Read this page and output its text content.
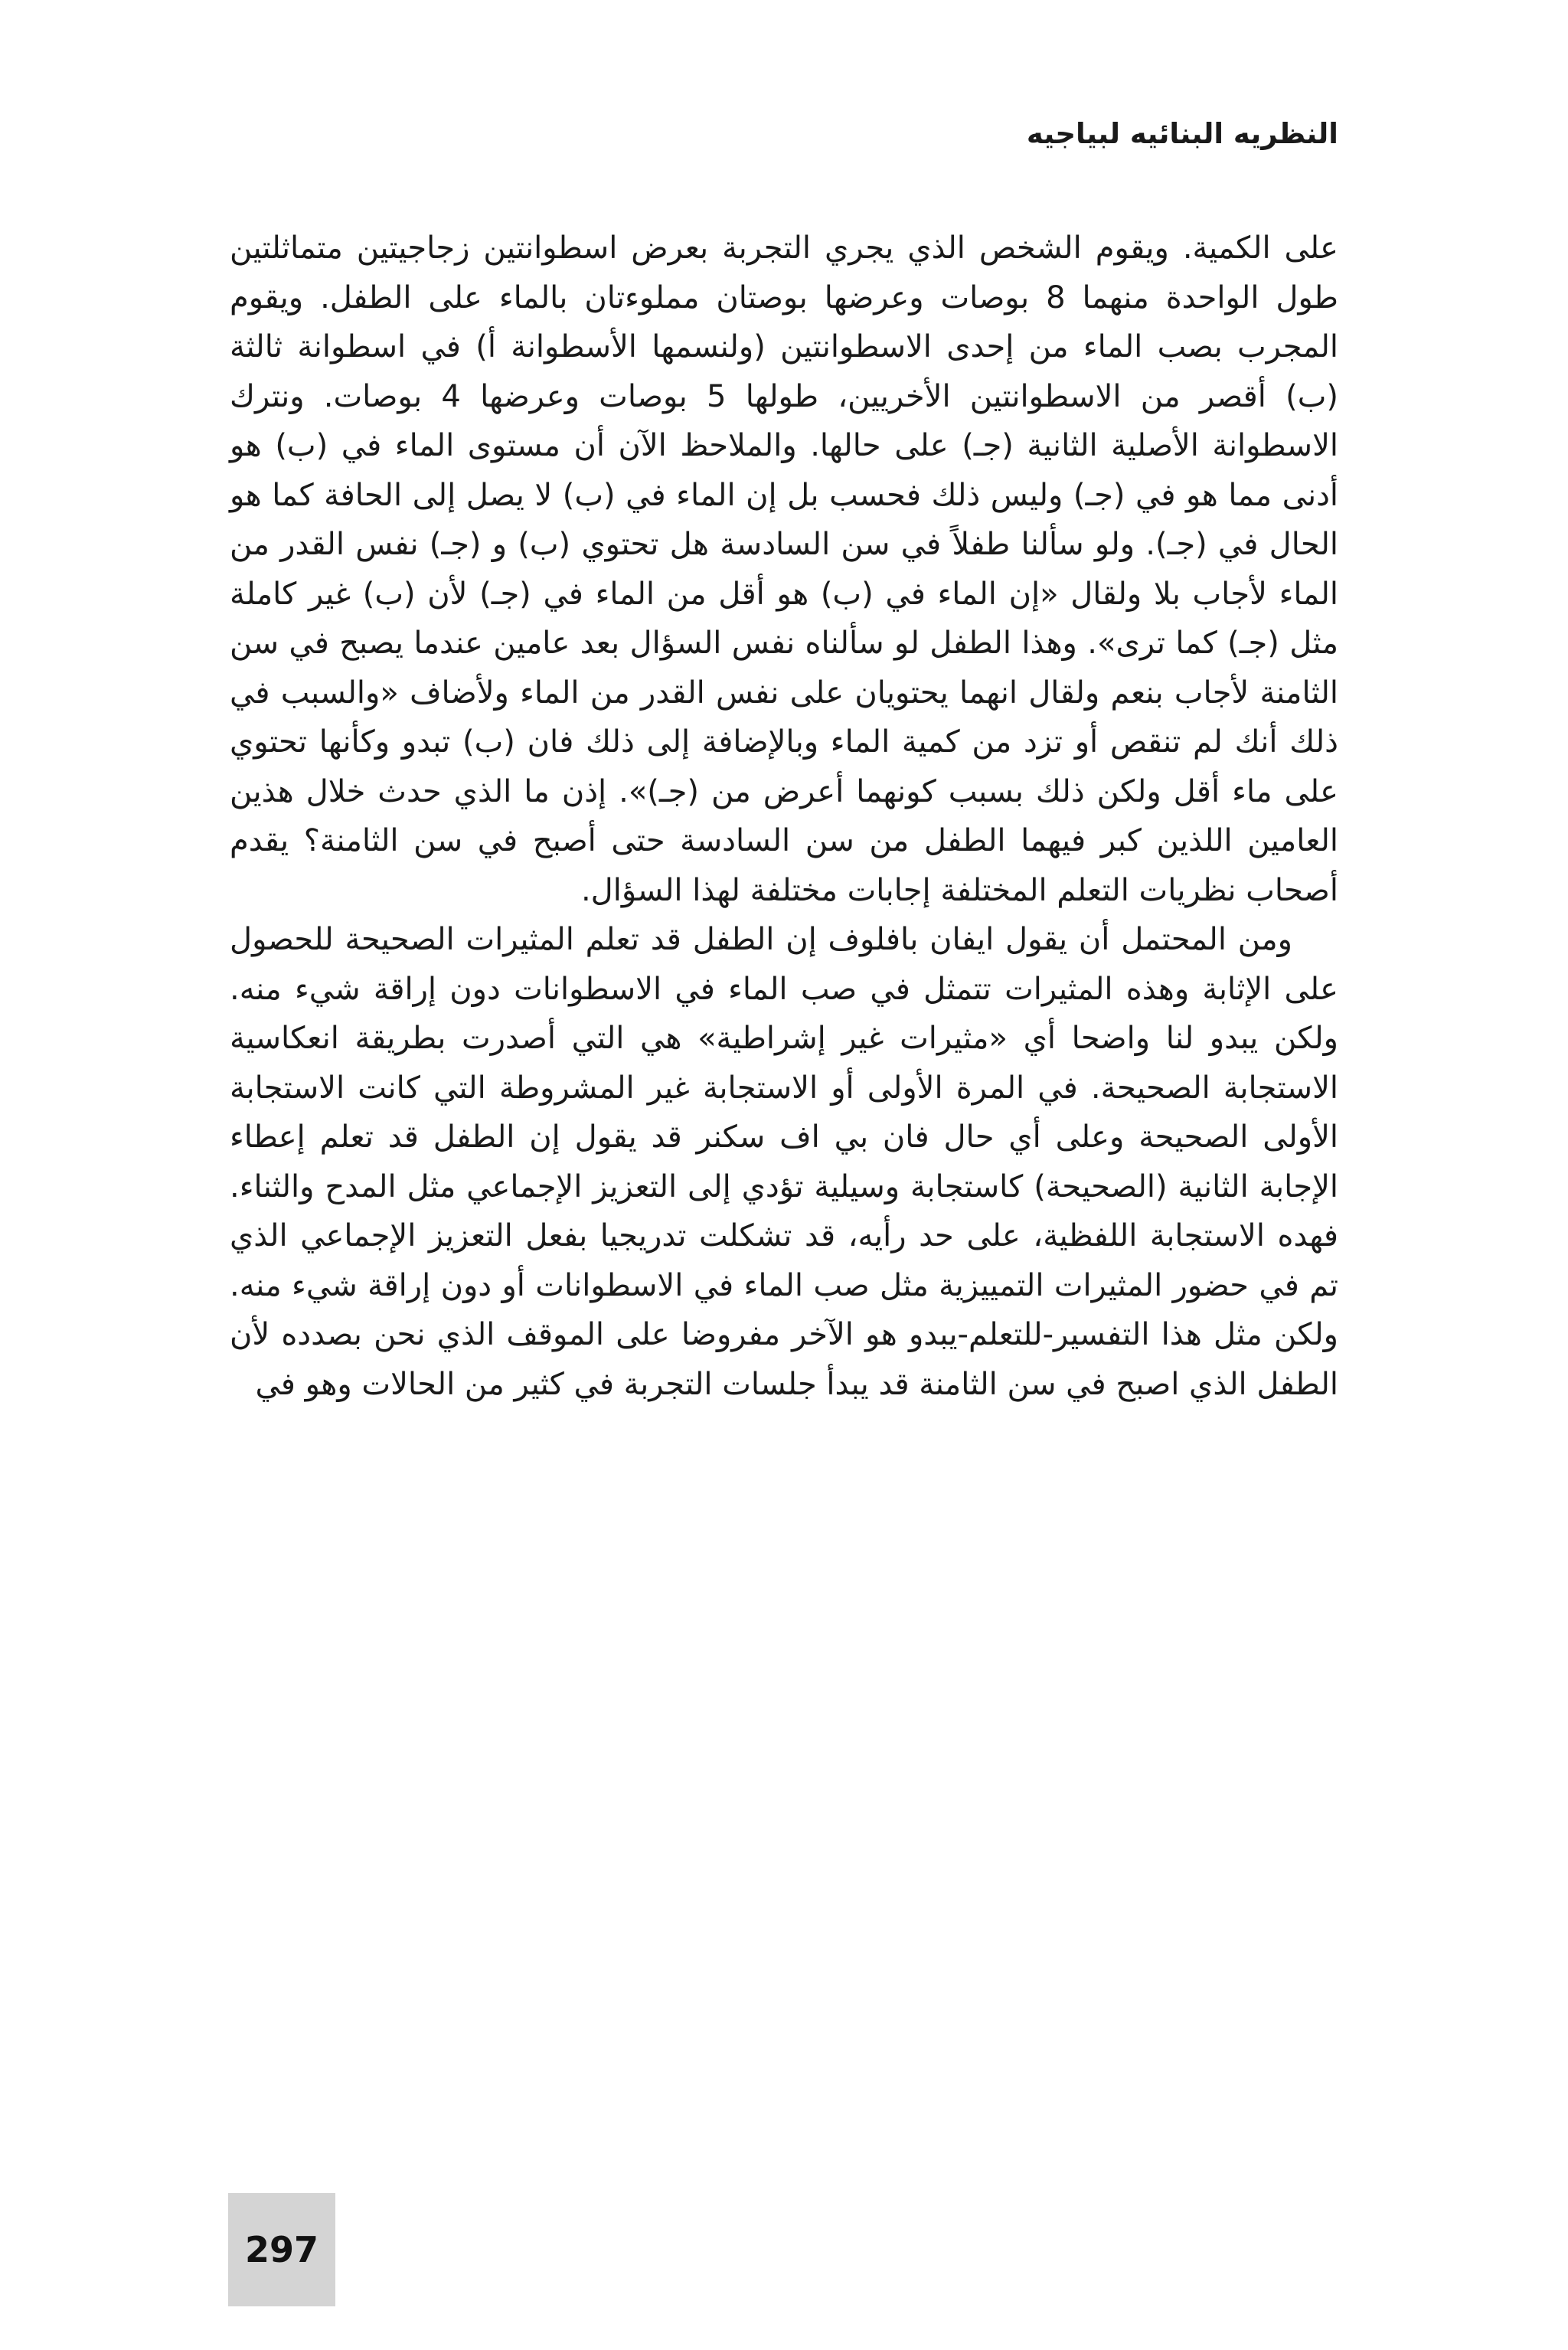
النظريه البنائيه لبياجيه

على الكمية. ويقوم الشخص الذي يجري التجربة بعرض اسطوانتين زجاجيتين متماثلتين طول الواحدة منهما 8 بوصات وعرضها بوصتان مملوءتان بالماء على الطفل. ويقوم المجرب بصب الماء من إحدى الاسطوانتين (ولنسمها الأسطوانة أ) في اسطوانة ثالثة (ب) أقصر من الاسطوانتين الأخريين، طولها 5 بوصات وعرضها 4 بوصات. ونترك الاسطوانة الأصلية الثانية (جـ) على حالها. والملاحظ الآن أن مستوى الماء في (ب) هو أدنى مما هو في (جـ) وليس ذلك فحسب بل إن الماء في (ب) لا يصل إلى الحافة كما هو الحال في (جـ). ولو سألنا طفلاً في سن السادسة هل تحتوي (ب) و (جـ) نفس القدر من الماء لأجاب بلا ولقال «إن الماء في (ب) هو أقل من الماء في (جـ) لأن (ب) غير كاملة مثل (جـ) كما ترى». وهذا الطفل لو سألناه نفس السؤال بعد عامين عندما يصبح في سن الثامنة لأجاب بنعم ولقال انهما يحتويان على نفس القدر من الماء ولأضاف «والسبب في ذلك أنك لم تنقص أو تزد من كمية الماء وبالإضافة إلى ذلك فان (ب) تبدو وكأنها تحتوي على ماء أقل ولكن ذلك بسبب كونهما أعرض من (جـ)». إذن ما الذي حدث خلال هذين العامين اللذين كبر فيهما الطفل من سن السادسة حتى أصبح في سن الثامنة؟ يقدم أصحاب نظريات التعلم المختلفة إجابات مختلفة لهذا السؤال.

ومن المحتمل أن يقول ايفان بافلوف إن الطفل قد تعلم المثيرات الصحيحة للحصول على الإثابة وهذه المثيرات تتمثل في صب الماء في الاسطوانات دون إراقة شيء منه. ولكن يبدو لنا واضحا أي «مثيرات غير إشراطية» هي التي أصدرت بطريقة انعكاسية الاستجابة الصحيحة. في المرة الأولى أو الاستجابة غير المشروطة التي كانت الاستجابة الأولى الصحيحة وعلى أي حال فان بي اف سكنر قد يقول إن الطفل قد تعلم إعطاء الإجابة الثانية (الصحيحة) كاستجابة وسيلية تؤدي إلى التعزيز الإجماعي مثل المدح والثناء. فهده الاستجابة اللفظية، على حد رأيه، قد تشكلت تدريجيا بفعل التعزيز الإجماعي الذي تم في حضور المثيرات التمييزية مثل صب الماء في الاسطوانات أو دون إراقة شيء منه. ولكن مثل هذا التفسير-للتعلم-يبدو هو الآخر مفروضا على الموقف الذي نحن بصدده لأن الطفل الذي اصبح في سن الثامنة قد يبدأ جلسات التجربة في كثير من الحالات وهو في

297
